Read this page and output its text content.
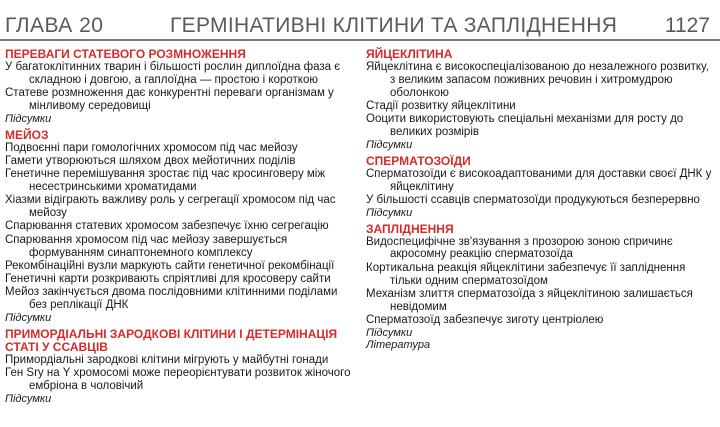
ГЛАВА 20	ГЕРМІНАТИВНІ КЛІТИНИ ТА ЗАПЛІДНЕННЯ 1127

ПЕРЕВАГИ СТАТЕВОГО РОЗМНОЖЕННЯ

У багатоклітинних тварин і більшості рослин диплоїдна фаза є складною і довгою, а гаплоїдна — простою і короткою

Статеве розмноження дає конкурентні переваги організмам у мінливому середовищі

Підсумки

МЕЙОЗ

Подвоєнні пари гомологічних хромосом під час мейозу

Гамети утворюються шляхом двох мейотичних поділів

Генетичне перемішування зростає під час кросинговеру між несестринськими хроматидами

Хіазми відіграють важливу роль у сегрегації хромосом під час мейозу

Спарювання статевих хромосом забезпечує їхню сегрегацію

Спарювання хромосом під час мейозу завершується формуванням синаптонемного комплексу

Рекомбінаційні вузли маркують сайти генетичної рекомбінації

Генетичні карти розкривають спріятливі для кросоверу сайти

Мейоз закінчується двома послідовними клітинними поділами без реплікації ДНК

Підсумки

ПРИМОРДІАЛЬНІ ЗАРОДКОВІ КЛІТИНИ І ДЕТЕРМІНАЦІЯ СТАТІ У ССАВЦІВ

Примордіальні зародкові клітини мігрують у майбутні гонади

Ген Sry на Y хромосомі може переорієнтувати розвиток жіночого ембріона в чоловічий

Підсумки

ЯЙЦЕКЛІТИНА

Яйцеклітина є високоспеціалізованою до незалежного розвитку, з великим запасом поживних речовин і хитромудрою оболонкою

Стадії розвитку яйцеклітини

Ооцити використовують спеціальні механізми для росту до великих розмірів

Підсумки

СПЕРМАТОЗОЇДИ

Сперматозоїди є високоадаптованими для доставки своєї ДНК у яйцеклітину

У більшості ссавців сперматозоїди продукуються безперервно

Підсумки

ЗАПЛІДНЕННЯ

Видоспецифічне зв'язування з прозорою зоною спричинє акросомну реакцію сперматозоїда

Кортикальна реакція яйцеклітини забезпечує її запліднення тільки одним сперматозоїдом

Механізм злиття сперматозоїда з яйцеклітиною залишається невідомим

Сперматозоїд забезпечує зиготу центріолею

Підсумки

Література
